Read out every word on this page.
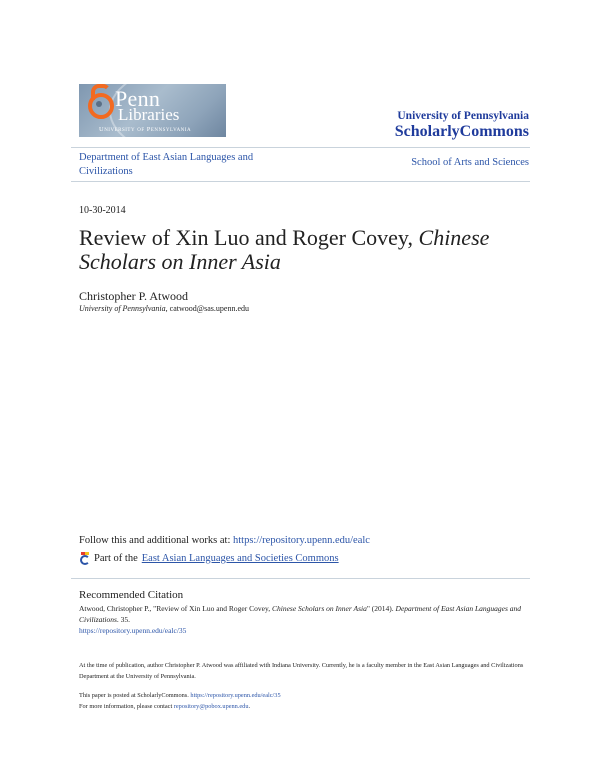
Penn
Libraries
University of Pennsylvania
University of Pennsylvania
ScholarlyCommons
Department of East Asian Languages and Civilizations
School of Arts and Sciences
10-30-2014
Review of Xin Luo and Roger Covey, Chinese Scholars on Inner Asia
Christopher P. Atwood
University of Pennsylvania, catwood@sas.upenn.edu
Follow this and additional works at: https://repository.upenn.edu/ealc
Part of the East Asian Languages and Societies Commons
Recommended Citation
Atwood, Christopher P., "Review of Xin Luo and Roger Covey, Chinese Scholars on Inner Asia" (2014). Department of East Asian Languages and Civilizations. 35.
https://repository.upenn.edu/ealc/35
At the time of publication, author Christopher P. Atwood was affiliated with Indiana University. Currently, he is a faculty member in the East Asian Languages and Civilizations Department at the University of Pennsylvania.
This paper is posted at ScholarlyCommons. https://repository.upenn.edu/ealc/35
For more information, please contact repository@pobox.upenn.edu.
